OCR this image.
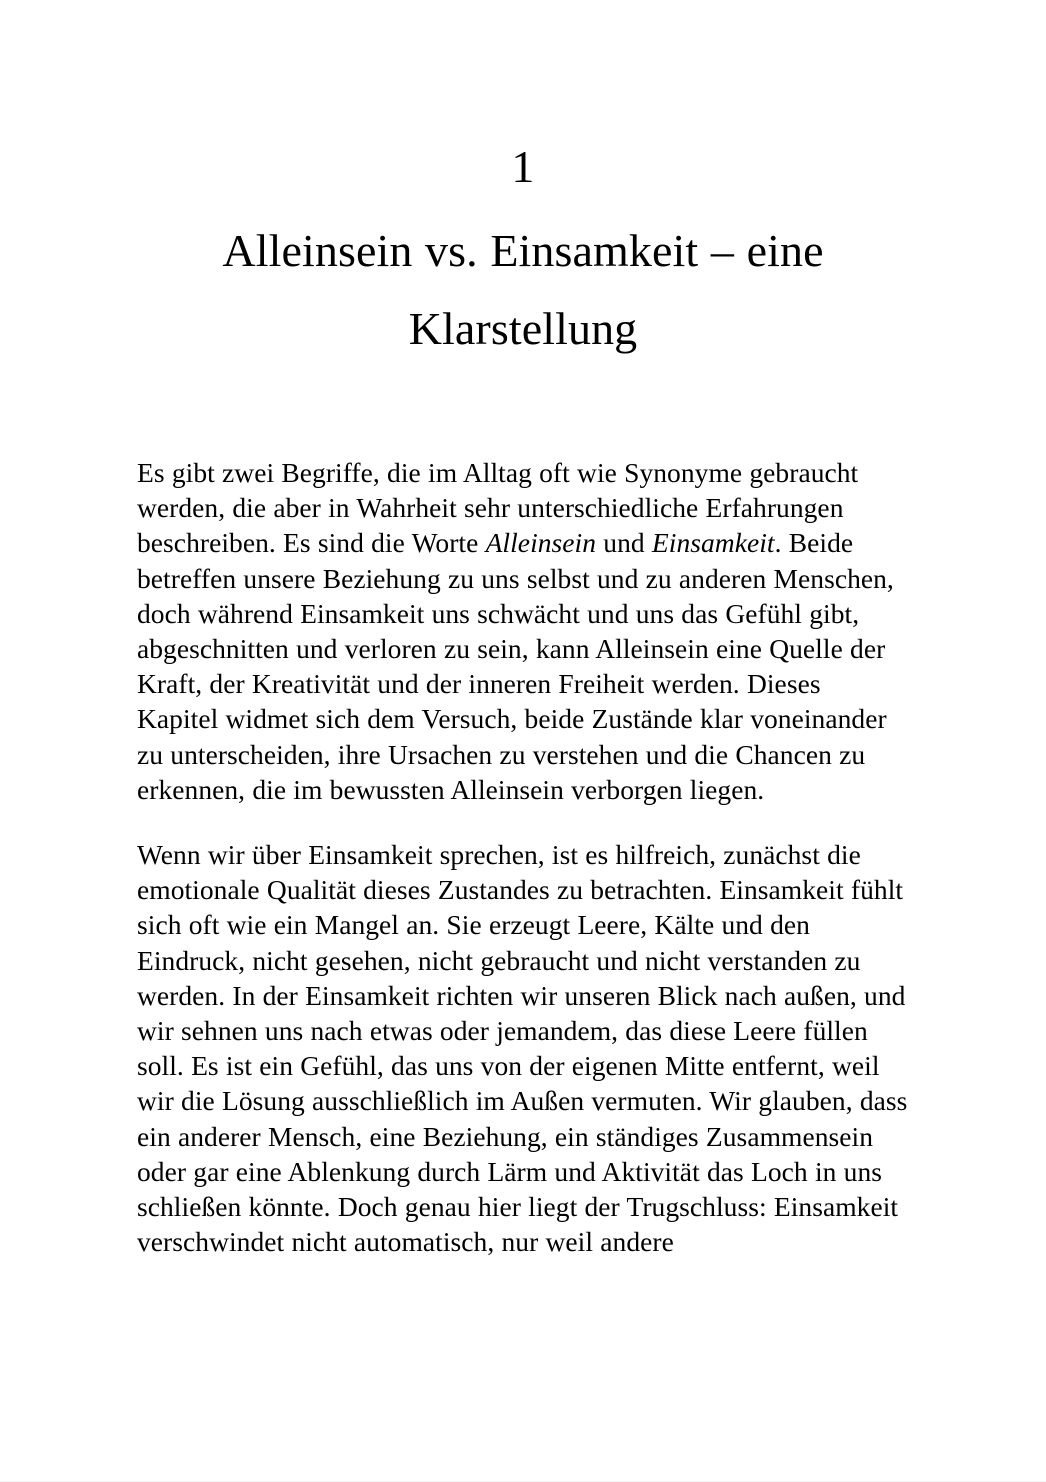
1
Alleinsein vs. Einsamkeit – eine Klarstellung

Es gibt zwei Begriffe, die im Alltag oft wie Synonyme gebraucht werden, die aber in Wahrheit sehr unterschiedliche Erfahrungen beschreiben. Es sind die Worte Alleinsein und Einsamkeit. Beide betreffen unsere Beziehung zu uns selbst und zu anderen Menschen, doch während Einsamkeit uns schwächt und uns das Gefühl gibt, abgeschnitten und verloren zu sein, kann Alleinsein eine Quelle der Kraft, der Kreativität und der inneren Freiheit werden. Dieses Kapitel widmet sich dem Versuch, beide Zustände klar voneinander zu unterscheiden, ihre Ursachen zu verstehen und die Chancen zu erkennen, die im bewussten Alleinsein verborgen liegen.

Wenn wir über Einsamkeit sprechen, ist es hilfreich, zunächst die emotionale Qualität dieses Zustandes zu betrachten. Einsamkeit fühlt sich oft wie ein Mangel an. Sie erzeugt Leere, Kälte und den Eindruck, nicht gesehen, nicht gebraucht und nicht verstanden zu werden. In der Einsamkeit richten wir unseren Blick nach außen, und wir sehnen uns nach etwas oder jemandem, das diese Leere füllen soll. Es ist ein Gefühl, das uns von der eigenen Mitte entfernt, weil wir die Lösung ausschließlich im Außen vermuten. Wir glauben, dass ein anderer Mensch, eine Beziehung, ein ständiges Zusammensein oder gar eine Ablenkung durch Lärm und Aktivität das Loch in uns schließen könnte. Doch genau hier liegt der Trugschluss: Einsamkeit verschwindet nicht automatisch, nur weil andere
